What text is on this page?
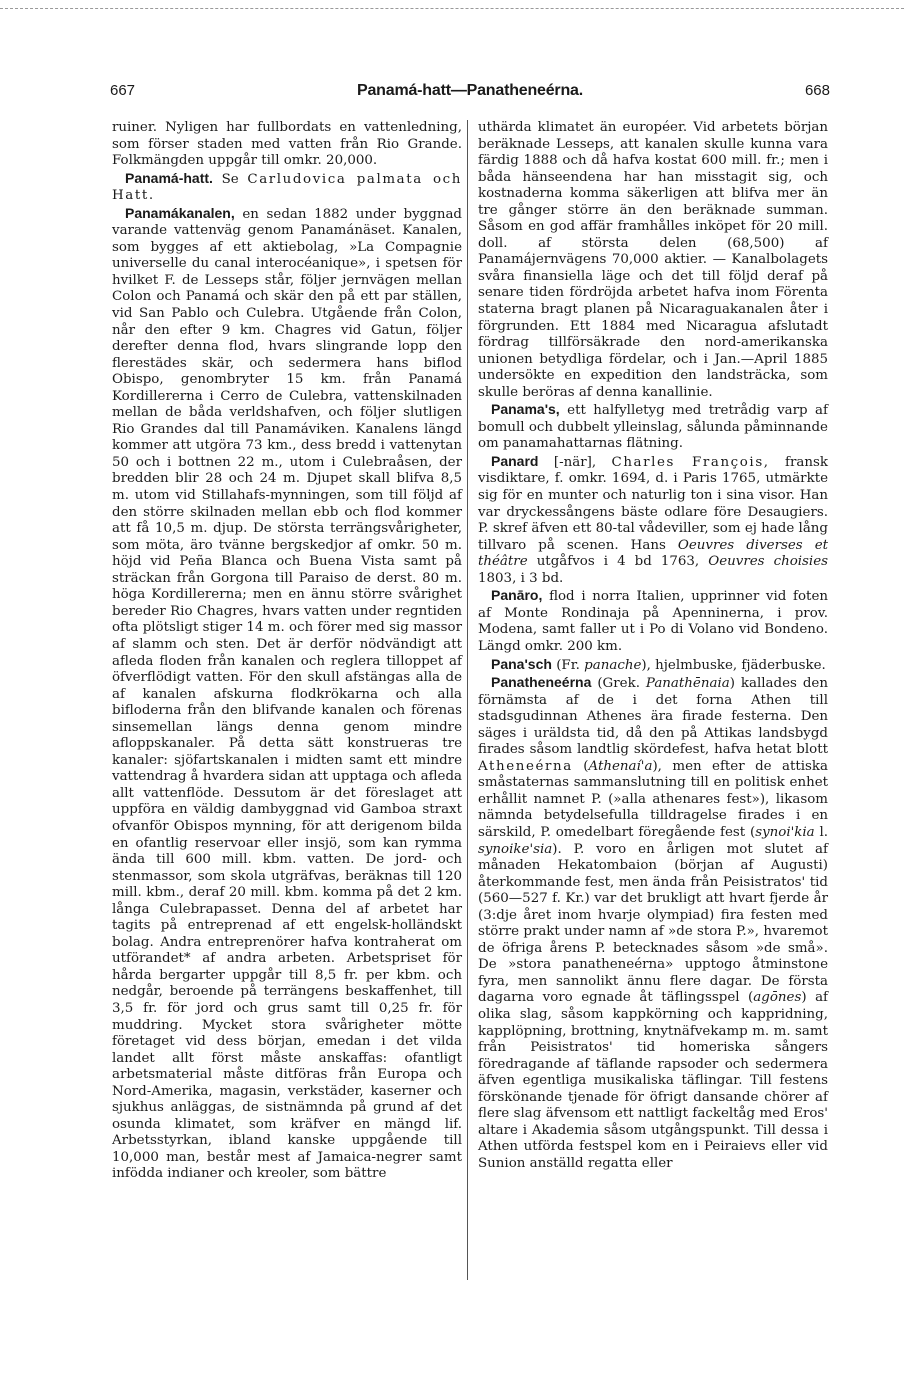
667	Panamá-hatt—Panatheneérna.	668

ruiner. Nyligen har fullbordats en vattenledning, som förser staden med vatten från Rio Grande. Folkmängden uppgår till omkr. 20,000.

Panamá-hatt. Se Carludovica palmata och Hatt.

Panamákanalen, en sedan 1882 under byggnad varande vattenväg genom Panamánäset. Kanalen, som bygges af ett aktiebolag, »La Compagnie universelle du canal interocéanique», i spetsen för hvilket F. de Lesseps står, följer jernvägen mellan Colon och Panamá och skär den på ett par ställen, vid San Pablo och Culebra. Utgående från Colon, når den efter 9 km. Chagres vid Gatun, följer derefter denna flod, hvars slingrande lopp den flerestädes skär, och sedermera hans biflod Obispo, genombryter 15 km. från Panamá Kordillererna i Cerro de Culebra, vattenskilnaden mellan de båda verldshafven, och följer slutligen Rio Grandes dal till Panamáviken. Kanalens längd kommer att utgöra 73 km., dess bredd i vattenytan 50 och i bottnen 22 m., utom i Culebraåsen, der bredden blir 28 och 24 m. Djupet skall blifva 8,5 m. utom vid Stillahafs-mynningen, som till följd af den större skilnaden mellan ebb och flod kommer att få 10,5 m. djup. De största terrängsvårigheter, som möta, äro tvänne bergskedjor af omkr. 50 m. höjd vid Peña Blanca och Buena Vista samt på sträckan från Gorgona till Paraiso de derst. 80 m. höga Kordillererna; men en ännu större svårighet bereder Rio Chagres, hvars vatten under regntiden ofta plötsligt stiger 14 m. och förer med sig massor af slamm och sten. Det är derför nödvändigt att afleda floden från kanalen och reglera tilloppet af öfverflödigt vatten. För den skull afstängas alla de af kanalen afskurna flodkrökarna och alla bifloderna från den blifvande kanalen och förenas sinsemellan längs denna genom mindre afloppskanaler. På detta sätt konstrueras tre kanaler: sjöfartskanalen i midten samt ett mindre vattendrag å hvardera sidan att upptaga och afleda allt vattenflöde. Dessutom är det föreslaget att uppföra en väldig dambyggnad vid Gamboa straxt ofvanför Obispos mynning, för att derigenom bilda en ofantlig reservoar eller insjö, som kan rymma ända till 600 mill. kbm. vatten. De jord- och stenmassor, som skola utgräfvas, beräknas till 120 mill. kbm., deraf 20 mill. kbm. komma på det 2 km. långa Culebrapasset. Denna del af arbetet har tagits på entreprenad af ett engelsk-holländskt bolag. Andra entreprenörer hafva kontraherat om utförandet* af andra arbeten. Arbetspriset för hårda bergarter uppgår till 8,5 fr. per kbm. och nedgår, beroende på terrängens beskaffenhet, till 3,5 fr. för jord och grus samt till 0,25 fr. för muddring. Mycket stora svårigheter mötte företaget vid dess början, emedan i det vilda landet allt först måste anskaffas: ofantligt arbetsmaterial måste ditföras från Europa och Nord-Amerika, magasin, verkstäder, kaserner och sjukhus anläggas, de sistnämnda på grund af det osunda klimatet, som kräfver en mängd lif. Arbetsstyrkan, ibland kanske uppgående till 10,000 man, består mest af Jamaica-negrer samt infödda indianer och kreoler, som bättre

uthärda klimatet än européer. Vid arbetets början beräknade Lesseps, att kanalen skulle kunna vara färdig 1888 och då hafva kostat 600 mill. fr.; men i båda hänseendena har han misstagit sig, och kostnaderna komma säkerligen att blifva mer än tre gånger större än den beräknade summan. Såsom en god affär framhålles inköpet för 20 mill. doll. af största delen (68,500) af Panamájernvägens 70,000 aktier. — Kanalbolagets svåra finansiella läge och det till följd deraf på senare tiden fördröjda arbetet hafva inom Förenta staterna bragt planen på Nicaraguakanalen åter i förgrunden. Ett 1884 med Nicaragua afslutadt fördrag tillförsäkrade den nord-amerikanska unionen betydliga fördelar, och i Jan.—April 1885 undersökte en expedition den landsträcka, som skulle beröras af denna kanallinie.

Panama's, ett halfylletyg med tretrådig varp af bomull och dubbelt ylleinslag, sålunda påminnande om panamahattarnas flätning.

Panard [-när], Charles François, fransk visdiktare, f. omkr. 1694, d. i Paris 1765, utmärkte sig för en munter och naturlig ton i sina visor. Han var dryckessångens bäste odlare före Desaugiers. P. skref äfven ett 80-tal vådeviller, som ej hade lång tillvaro på scenen. Hans Oeuvres diverses et théâtre utgåfvos i 4 bd 1763, Oeuvres choisies 1803, i 3 bd.

Panāro, flod i norra Italien, upprinner vid foten af Monte Rondinaja på Apenninerna, i prov. Modena, samt faller ut i Po di Volano vid Bondeno. Längd omkr. 200 km.

Pana'sch (Fr. panache), hjelmbuske, fjäderbuske.

Panatheneérna (Grek. Panathēnaia) kallades den förnämsta af de i det forna Athen till stadsgudinnan Athenes ära firade festerna. Den säges i uräldsta tid, då den på Attikas landsbygd firades såsom landtlig skördefest, hafva hetat blott Atheneérna (Athenaí'a), men efter de attiska småstaternas sammanslutning till en politisk enhet erhållit namnet P. (»alla athenares fest»), likasom nämnda betydelsefulla tilldragelse firades i en särskild, P. omedelbart föregående fest (synoi'kia l. synoike'sia). P. voro en årligen mot slutet af månaden Hekatombaion (början af Augusti) återkommande fest, men ända från Peisistratos' tid (560—527 f. Kr.) var det brukligt att hvart fjerde år (3:dje året inom hvarje olympiad) fira festen med större prakt under namn af »de stora P.», hvaremot de öfriga årens P. betecknades såsom »de små». De »stora panatheneérna» upptogo åtminstone fyra, men sannolikt ännu flere dagar. De första dagarna voro egnade åt täflingsspel (agōnes) af olika slag, såsom kappkörning och kappridning, kapplöpning, brottning, knytnäfvekamp m. m. samt från Peisistratos' tid homeriska sångers föredragande af täflande rapsoder och sedermera äfven egentliga musikaliska täflingar. Till festens förskönande tjenade för öfrigt dansande chörer af flere slag äfvensom ett nattligt fackeltåg med Eros' altare i Akademia såsom utgångspunkt. Till dessa i Athen utförda festspel kom en i Peiraievs eller vid Sunion anställd regatta eller
